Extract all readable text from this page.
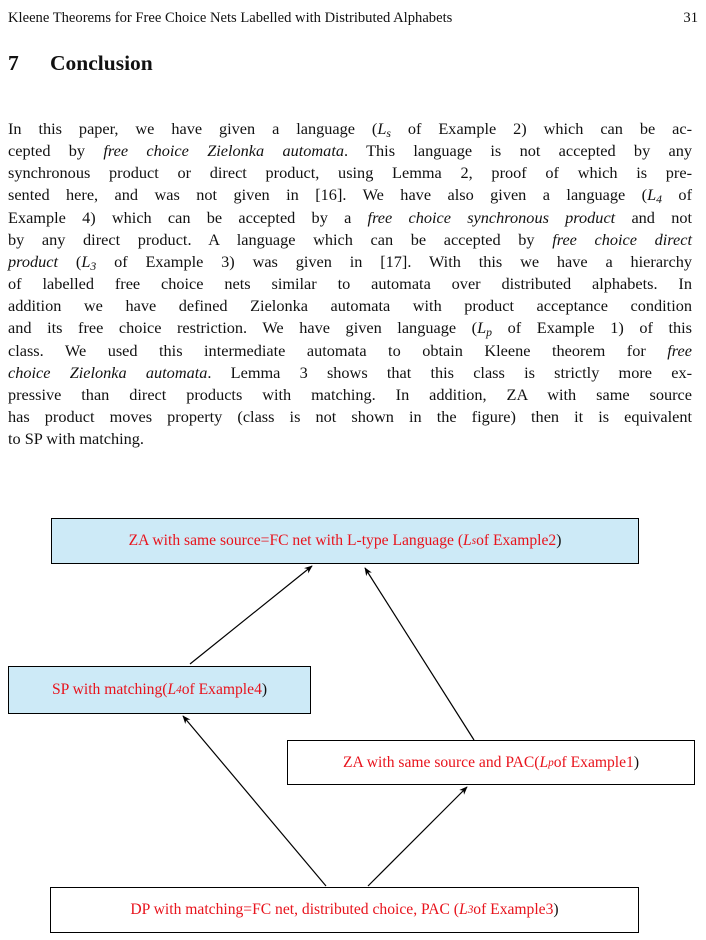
Kleene Theorems for Free Choice Nets Labelled with Distributed Alphabets	31
7 Conclusion
In this paper, we have given a language ($L_s$ of Example 2) which can be ac-
cepted by free choice Zielonka automata. This language is not accepted by any
synchronous product or direct product, using Lemma 2, proof of which is pre-
sented here, and was not given in [16]. We have also given a language ($L_4$ of
Example 4) which can be accepted by a free choice synchronous product and not
by any direct product. A language which can be accepted by free choice direct
product ($L_3$ of Example 3) was given in [17]. With this we have a hierarchy
of labelled free choice nets similar to automata over distributed alphabets. In
addition we have defined Zielonka automata with product acceptance condition
and its free choice restriction. We have given language ($L_p$ of Example 1) of this
class. We used this intermediate automata to obtain Kleene theorem for free
choice Zielonka automata. Lemma 3 shows that this class is strictly more ex-
pressive than direct products with matching. In addition, ZA with same source
has product moves property (class is not shown in the figure) then it is equivalent
to SP with matching.
ZA with same source=FC net with L-type Language ( L s of Example 2 )
SP with matching( L 4 of Example 4 )
ZA with same source and PAC( L p of Example 1 )
DP with matching=FC net, distributed choice, PAC ( L 3 of Example 3 )
